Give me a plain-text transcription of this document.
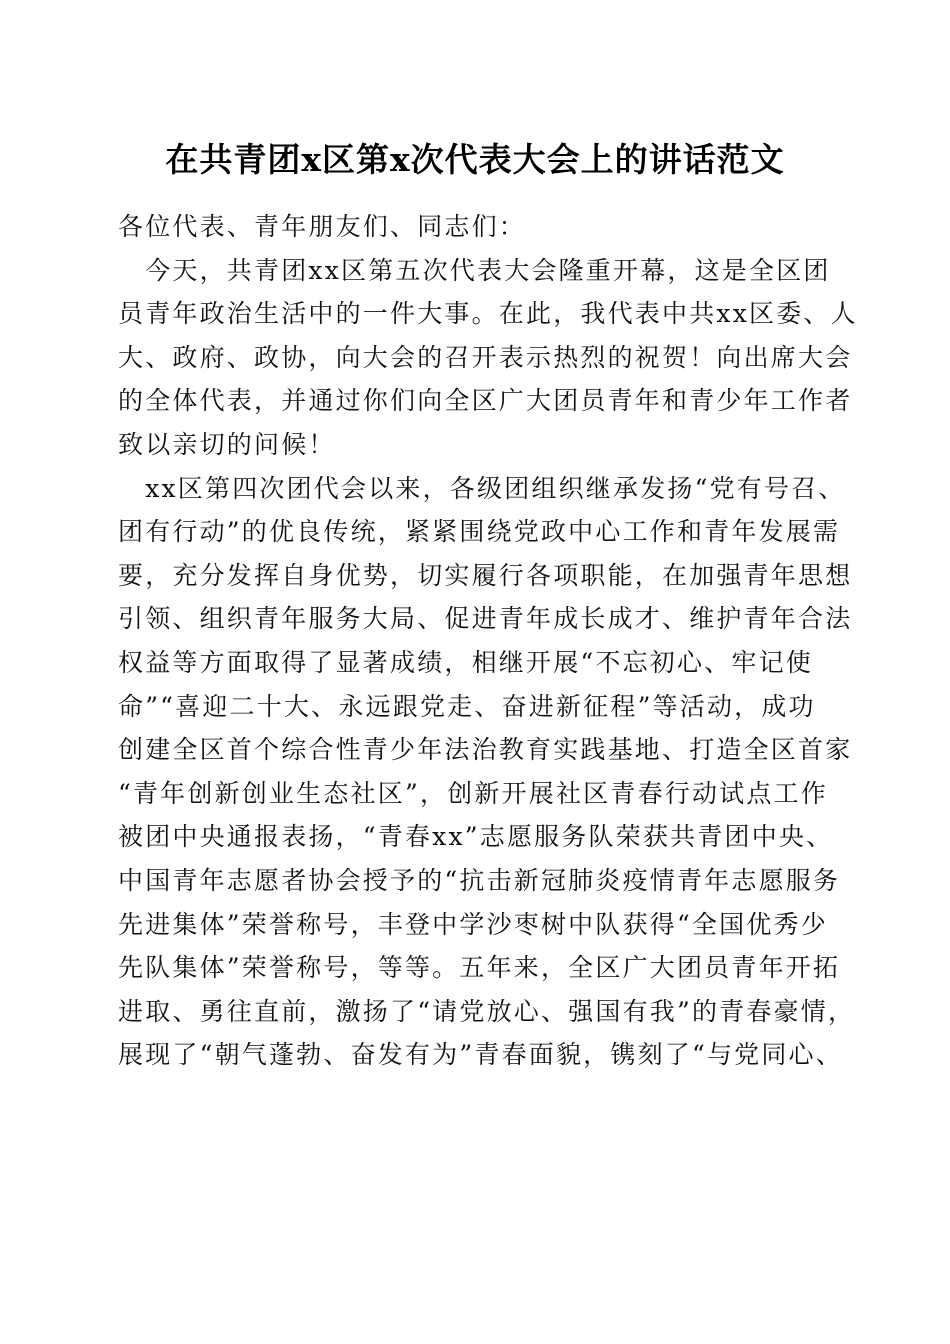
在共青团x区第x次代表大会上的讲话范文
各位代表、青年朋友们、同志们：
　今天，共青团xx区第五次代表大会隆重开幕，这是全区团
员青年政治生活中的一件大事。在此，我代表中共xx区委、人
大、政府、政协，向大会的召开表示热烈的祝贺！向出席大会
的全体代表，并通过你们向全区广大团员青年和青少年工作者
致以亲切的问候！
　xx区第四次团代会以来，各级团组织继承发扬“党有号召、
团有行动”的优良传统，紧紧围绕党政中心工作和青年发展需
要，充分发挥自身优势，切实履行各项职能，在加强青年思想
引领、组织青年服务大局、促进青年成长成才、维护青年合法
权益等方面取得了显著成绩，相继开展“不忘初心、牢记使
命”“喜迎二十大、永远跟党走、奋进新征程”等活动，成功
创建全区首个综合性青少年法治教育实践基地、打造全区首家
“青年创新创业生态社区”，创新开展社区青春行动试点工作
被团中央通报表扬，“青春xx”志愿服务队荣获共青团中央、
中国青年志愿者协会授予的“抗击新冠肺炎疫情青年志愿服务
先进集体”荣誉称号，丰登中学沙枣树中队获得“全国优秀少
先队集体”荣誉称号，等等。五年来，全区广大团员青年开拓
进取、勇往直前，激扬了“请党放心、强国有我”的青春豪情，
展现了“朝气蓬勃、奋发有为”青春面貌，镌刻了“与党同心、
